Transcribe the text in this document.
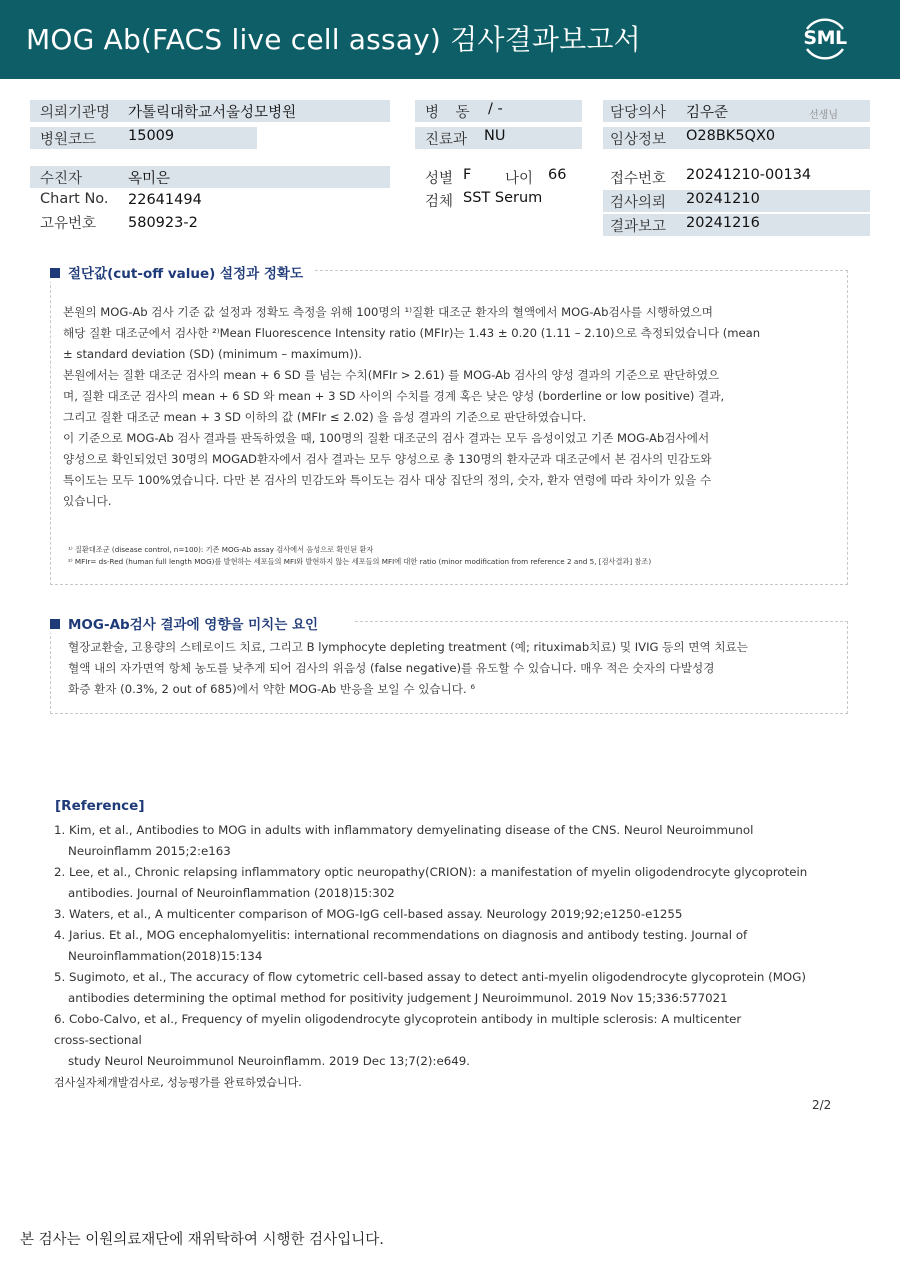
MOG Ab(FACS live cell assay) 검사결과보고서	SML
의뢰기관명 가톨릭대학교서울성모병원
병원코드 15009
수진자	옥미은
Chart No. 22641494
고유번호 580923-2
병 동 / -
진료과 NU
성별 F 나이 66
검체 SST Serum
담당의사 김우준	선생님
임상정보 O28BK5QX0
접수번호 20241210-00134
검사의뢰 20241210
결과보고 20241216
절단값(cut-off value) 설정과 정확도

본원의 MOG-Ab 검사 기준 값 설정과 정확도 측정을 위해 100명의 ¹⁾질환 대조군 환자의 혈액에서 MOG-Ab검사를 시행하였으며

해당 질환 대조군에서 검사한 ²⁾Mean Fluorescence Intensity ratio (MFIr)는 1.43 ± 0.20 (1.11 – 2.10)으로 측정되었습니다 (mean

± standard deviation (SD) (minimum – maximum)).

본원에서는 질환 대조군 검사의 mean + 6 SD 를 넘는 수치(MFIr > 2.61) 를 MOG-Ab 검사의 양성 결과의 기준으로 판단하였으

며, 질환 대조군 검사의 mean + 6 SD 와 mean + 3 SD 사이의 수치를 경계 혹은 낮은 양성 (borderline or low positive) 결과,

그리고 질환 대조군 mean + 3 SD 이하의 값 (MFIr ≤ 2.02) 을 음성 결과의 기준으로 판단하였습니다.

이 기준으로 MOG-Ab 검사 결과를 판독하였을 때, 100명의 질환 대조군의 검사 결과는 모두 음성이었고 기존 MOG-Ab검사에서

양성으로 확인되었던 30명의 MOGAD환자에서 검사 결과는 모두 양성으로 총 130명의 환자군과 대조군에서 본 검사의 민감도와

특이도는 모두 100%였습니다. 다만 본 검사의 민감도와 특이도는 검사 대상 집단의 정의, 숫자, 환자 연령에 따라 차이가 있을 수

있습니다.

¹⁾ 질환대조군 (disease control, n=100): 기존 MOG-Ab assay 검사에서 음성으로 확인된 환자
²⁾ MFIr= ds-Red (human full length MOG)를 발현하는 세포들의 MFI와 발현하지 않는 세포들의 MFI에 대한 ratio (minor modification from reference 2 and 5, [검사결과] 참조)
MOG-Ab검사 결과에 영향을 미치는 요인

혈장교환술, 고용량의 스테로이드 치료, 그리고 B lymphocyte depleting treatment (예; rituximab치료) 및 IVIG 등의 면역 치료는

혈액 내의 자가면역 항체 농도를 낮추게 되어 검사의 위음성 (false negative)를 유도할 수 있습니다. 매우 적은 숫자의 다발성경

화증 환자 (0.3%, 2 out of 685)에서 약한 MOG-Ab 반응을 보일 수 있습니다. ⁶

[Reference]

1. Kim, et al., Antibodies to MOG in adults with inflammatory demyelinating disease of the CNS. Neurol Neuroimmunol

Neuroinflamm 2015;2:e163

2. Lee, et al., Chronic relapsing inflammatory optic neuropathy(CRION): a manifestation of myelin oligodendrocyte glycoprotein

antibodies. Journal of Neuroinflammation (2018)15:302

3. Waters, et al., A multicenter comparison of MOG-IgG cell-based assay. Neurology 2019;92;e1250-e1255

4. Jarius. Et al., MOG encephalomyelitis: international recommendations on diagnosis and antibody testing. Journal of

Neuroinflammation(2018)15:134

5. Sugimoto, et al., The accuracy of flow cytometric cell-based assay to detect anti-myelin oligodendrocyte glycoprotein (MOG)

antibodies determining the optimal method for positivity judgement J Neuroimmunol. 2019 Nov 15;336:577021

6. Cobo-Calvo, et al., Frequency of myelin oligodendrocyte glycoprotein antibody in multiple sclerosis: A multicenter

cross-sectional

study Neurol Neuroimmunol Neuroinflamm. 2019 Dec 13;7(2):e649.

검사실자체개발검사로, 성능평가를 완료하였습니다.
2/2
본 검사는 이원의료재단에 재위탁하여 시행한 검사입니다.
